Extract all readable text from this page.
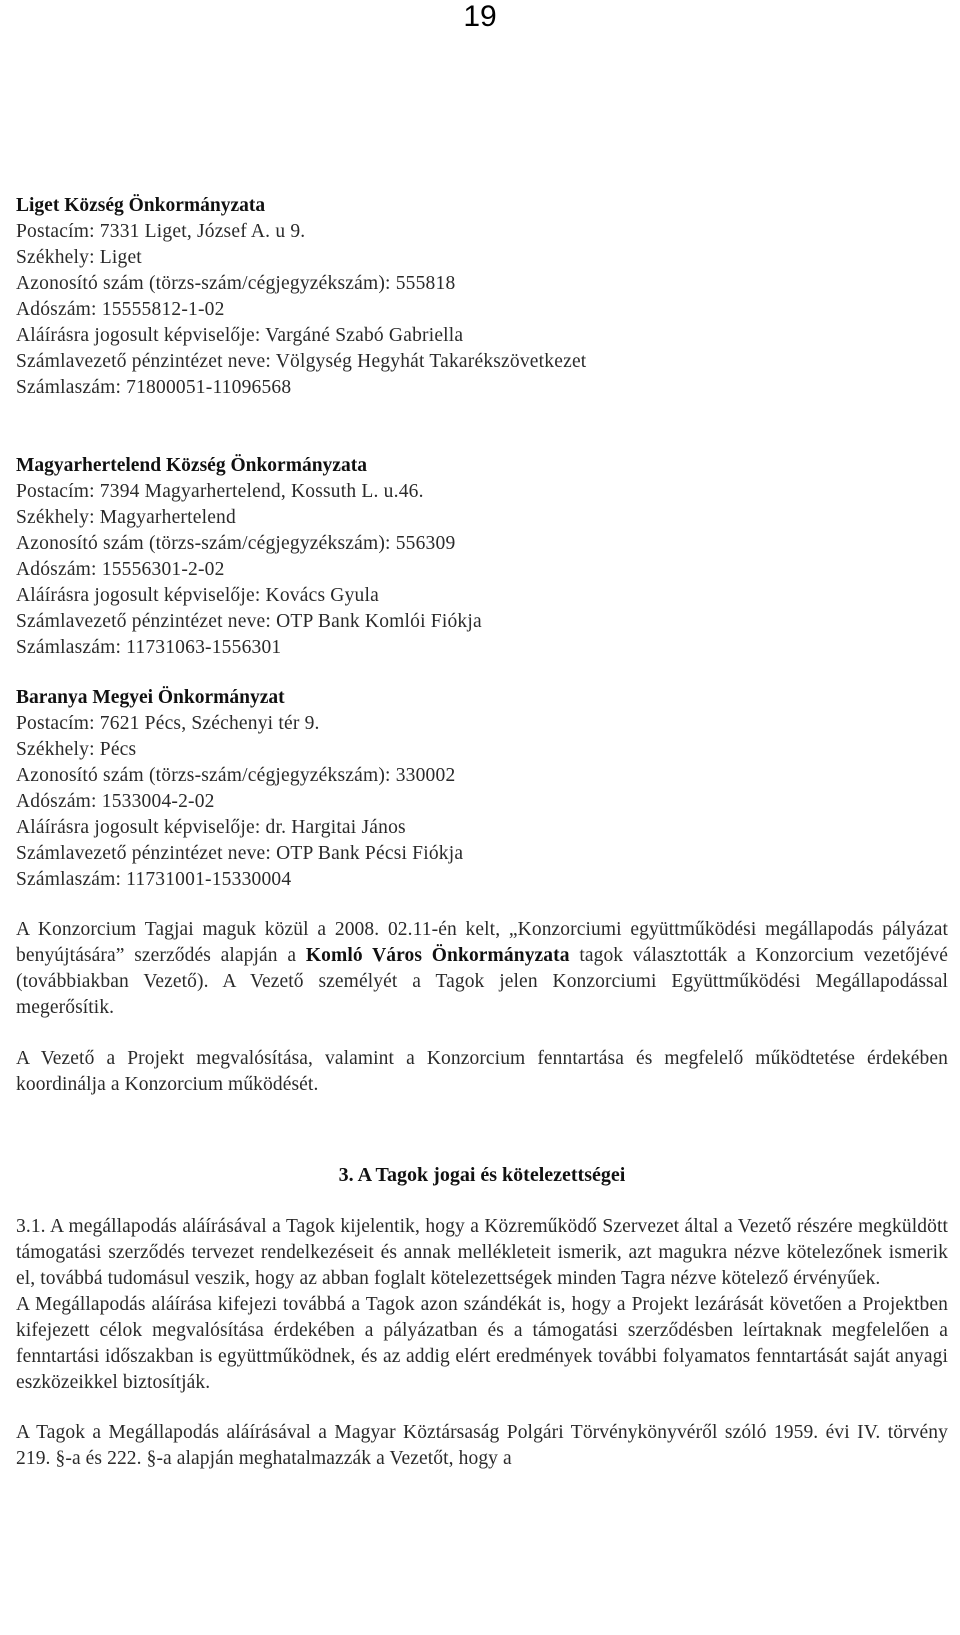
19
Liget Község Önkormányzata
Postacím: 7331 Liget, József A. u 9.
Székhely: Liget
Azonosító szám (törzs-szám/cégjegyzékszám): 555818
Adószám: 15555812-1-02
Aláírásra jogosult képviselője: Vargáné Szabó Gabriella
Számlavezető pénzintézet neve: Völgység Hegyhát Takarékszövetkezet
Számlaszám: 71800051-11096568
Magyarhertelend Község Önkormányzata
Postacím: 7394 Magyarhertelend, Kossuth L. u.46.
Székhely: Magyarhertelend
Azonosító szám (törzs-szám/cégjegyzékszám): 556309
Adószám: 15556301-2-02
Aláírásra jogosult képviselője: Kovács Gyula
Számlavezető pénzintézet neve: OTP Bank Komlói Fiókja
Számlaszám: 11731063-1556301
Baranya Megyei Önkormányzat
Postacím: 7621 Pécs, Széchenyi tér 9.
Székhely: Pécs
Azonosító szám (törzs-szám/cégjegyzékszám): 330002
Adószám: 1533004-2-02
Aláírásra jogosult képviselője: dr. Hargitai János
Számlavezető pénzintézet neve: OTP Bank Pécsi Fiókja
Számlaszám: 11731001-15330004

A Konzorcium Tagjai maguk közül a 2008. 02.11-én kelt, „Konzorciumi együttműködési megállapodás pályázat benyújtására” szerződés alapján a Komló Város Önkormányzata tagok választották a Konzorcium vezetőjévé (továbbiakban Vezető). A Vezető személyét a Tagok jelen Konzorciumi Együttműködési Megállapodással megerősítik.

A Vezető a Projekt megvalósítása, valamint a Konzorcium fenntartása és megfelelő működtetése érdekében koordinálja a Konzorcium működését.

3. A Tagok jogai és kötelezettségei

3.1. A megállapodás aláírásával a Tagok kijelentik, hogy a Közreműködő Szervezet által a Vezető részére megküldött támogatási szerződés tervezet rendelkezéseit és annak mellékleteit ismerik, azt magukra nézve kötelezőnek ismerik el, továbbá tudomásul veszik, hogy az abban foglalt kötelezettségek minden Tagra nézve kötelező érvényűek.

A Megállapodás aláírása kifejezi továbbá a Tagok azon szándékát is, hogy a Projekt lezárását követően a Projektben kifejezett célok megvalósítása érdekében a pályázatban és a támogatási szerződésben leírtaknak megfelelően a fenntartási időszakban is együttműködnek, és az addig elért eredmények további folyamatos fenntartását saját anyagi eszközeikkel biztosítják.

A Tagok a Megállapodás aláírásával a Magyar Köztársaság Polgári Törvénykönyvéről szóló 1959. évi IV. törvény 219. §-a és 222. §-a alapján meghatalmazzák a Vezetőt, hogy a
